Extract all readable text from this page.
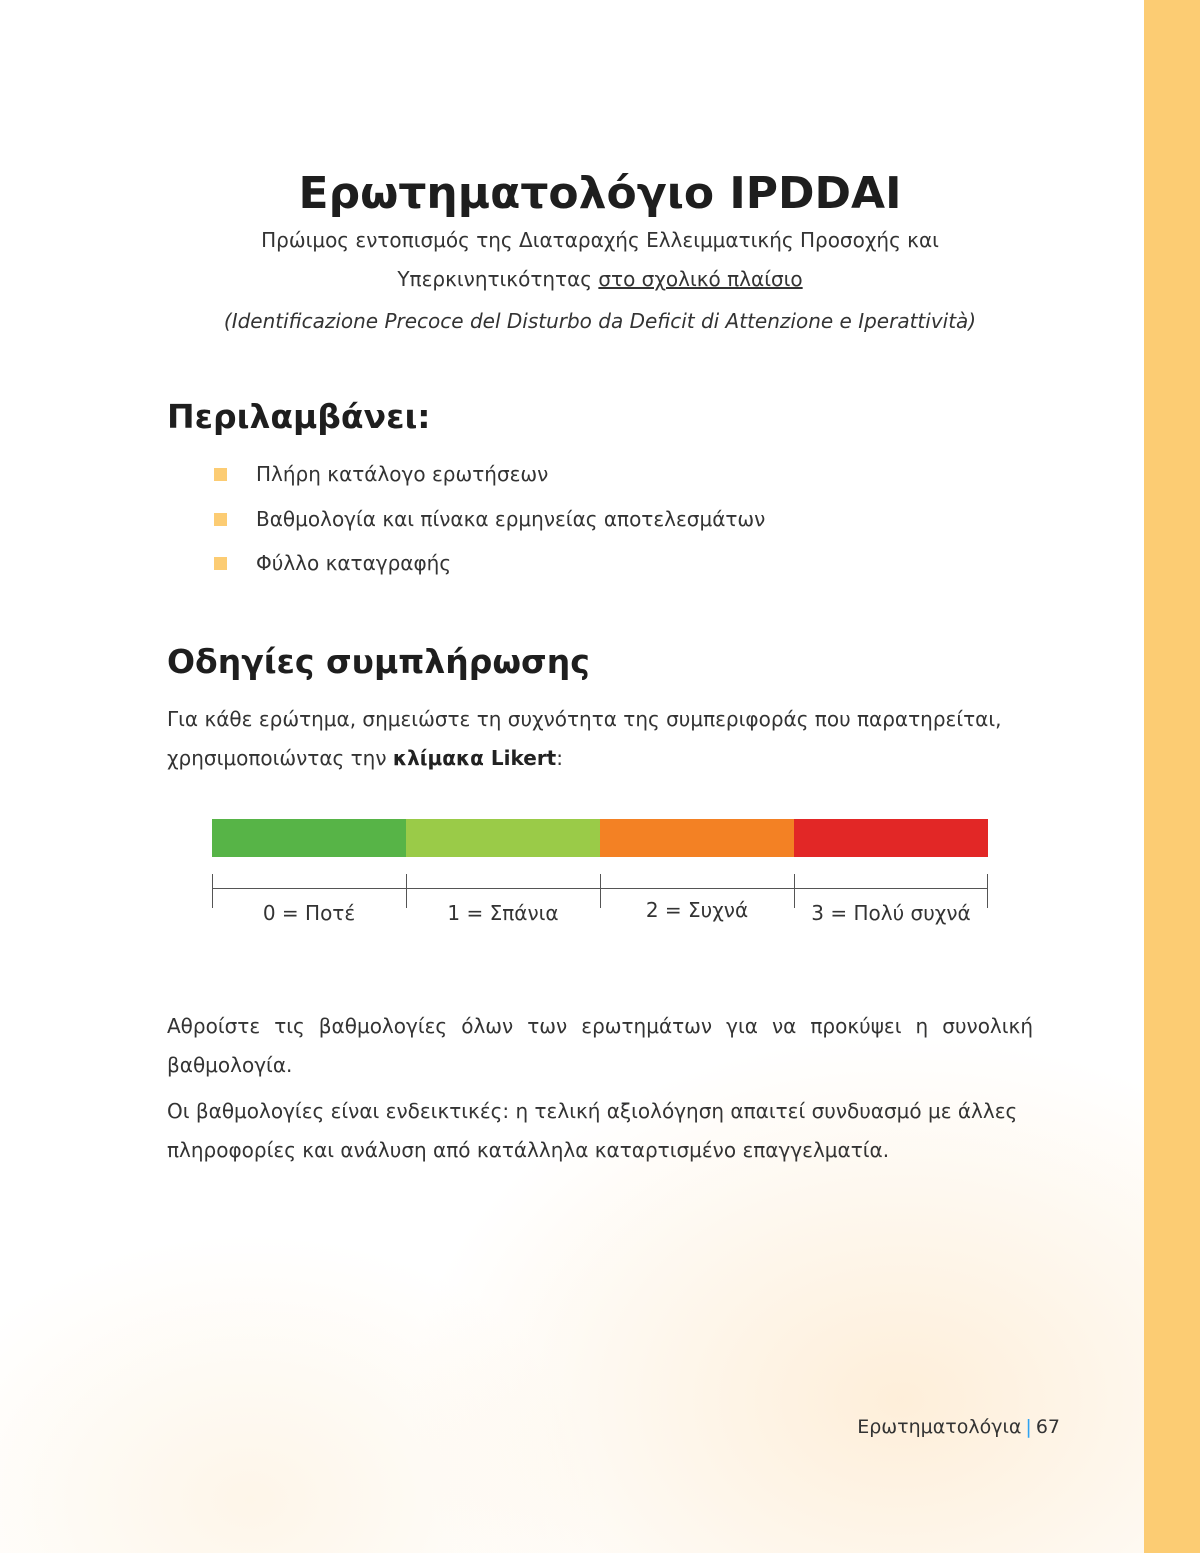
Ερωτηματολόγιο IPDDAI

Πρώιμος εντοπισμός της Διαταραχής Ελλειμματικής Προσοχής και

Υπερκινητικότητας στο σχολικό πλαίσιο

(Identificazione Precoce del Disturbo da Deficit di Attenzione e Iperattività)

Περιλαμβάνει:
Πλήρη κατάλογο ερωτήσεων
Βαθμολογία και πίνακα ερμηνείας αποτελεσμάτων
Φύλλο καταγραφής
Οδηγίες συμπλήρωσης

Για κάθε ερώτημα, σημειώστε τη συχνότητα της συμπεριφοράς που παρατηρείται, χρησιμοποιώντας την κλίμακα Likert:

0 = Ποτέ	1 = Σπάνια	2 = Συχνά	3 = Πολύ συχνά

Αθροίστε τις βαθμολογίες όλων των ερωτημάτων για να προκύψει η συνολική βαθμολογία.

Οι βαθμολογίες είναι ενδεικτικές: η τελική αξιολόγηση απαιτεί συνδυασμό με άλλες πληροφορίες και ανάλυση από κατάλληλα καταρτισμένο επαγγελματία.

Ερωτηματολόγια | 67
